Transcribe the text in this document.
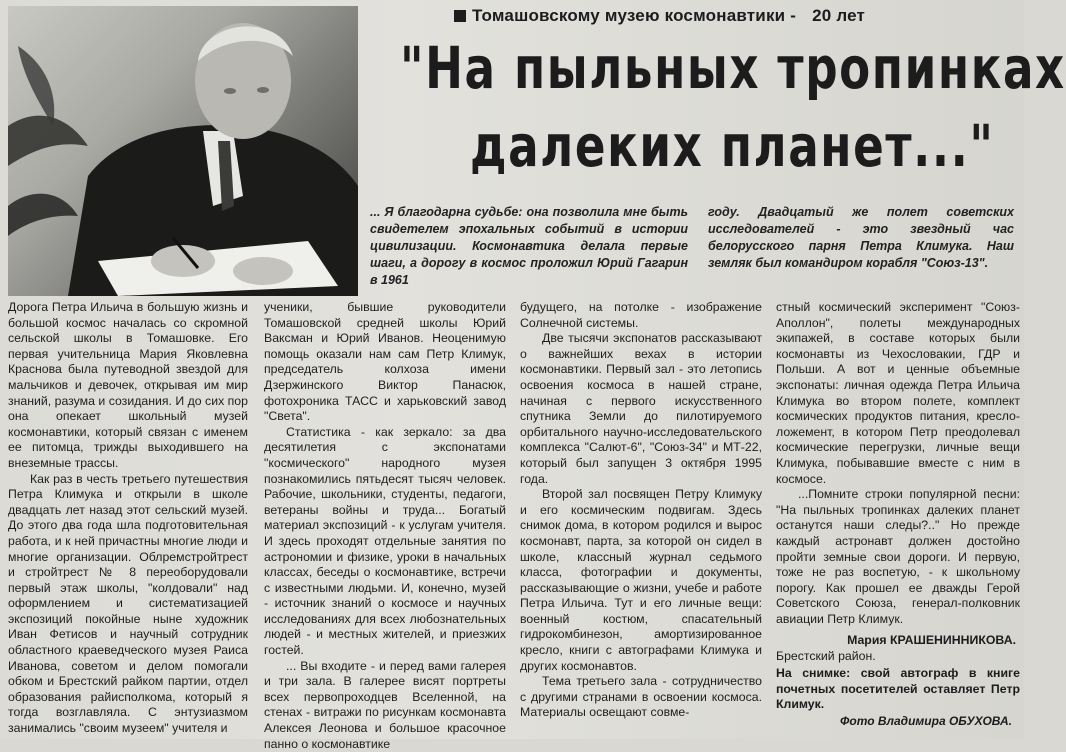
Томашовскому музею космонавтики - 20 лет
"На пыльных тропинках
далеких планет..."
... Я благодарна судьбе: она позволила мне быть свидетелем эпохальных событий в истории цивилизации. Космонавтика делала первые шаги, а дорогу в космос проложил Юрий Гагарин в 1961
году. Двадцатый же полет советских исследователей - это звездный час белорусского парня Петра Климука. Наш земляк был командиром корабля "Союз-13".

Дорога Петра Ильича в большую жизнь и большой космос началась со скромной сельской школы в Томашовке. Его первая учительница Мария Яковлевна Краснова была путеводной звездой для мальчиков и девочек, открывая им мир знаний, разума и созидания. И до сих пор она опекает школьный музей космонавтики, который связан с именем ее питомца, трижды выходившего на внеземные трассы.

Как раз в честь третьего путешествия Петра Климука и открыли в школе двадцать лет назад этот сельский музей. До этого два года шла подготовительная работа, и к ней причастны многие люди и многие организации. Облремстройтрест и стройтрест № 8 переоборудовали первый этаж школы, "колдовали" над оформлением и систематизацией экспозиций покойные ныне художник Иван Фетисов и научный сотрудник областного краеведческого музея Раиса Иванова, советом и делом помогали обком и Брестский райком партии, отдел образования райисполкома, который я тогда возглавляла. С энтузиазмом занимались "своим музеем" учителя и

ученики, бывшие руководители Томашовской средней школы Юрий Ваксман и Юрий Иванов. Неоценимую помощь оказали нам сам Петр Климук, председатель колхоза имени Дзержинского Виктор Панасюк, фотохроника ТАСС и харьковский завод "Света".

Статистика - как зеркало: за два десятилетия с экспонатами "космического" народного музея познакомились пятьдесят тысяч человек. Рабочие, школьники, студенты, педагоги, ветераны войны и труда... Богатый материал экспозиций - к услугам учителя. И здесь проходят отдельные занятия по астрономии и физике, уроки в начальных классах, беседы о космонавтике, встречи с известными людьми. И, конечно, музей - источник знаний о космосе и научных исследованиях для всех любознательных людей - и местных жителей, и приезжих гостей.

... Вы входите - и перед вами галерея и три зала. В галерее висят портреты всех первопроходцев Вселенной, на стенах - витражи по рисункам космонавта Алексея Леонова и большое красочное панно о космонавтике

будущего, на потолке - изображение Солнечной системы.

Две тысячи экспонатов рассказывают о важнейших вехах в истории космонавтики. Первый зал - это летопись освоения космоса в нашей стране, начиная с первого искусственного спутника Земли до пилотируемого орбитального научно-исследовательского комплекса "Салют-6", "Союз-34" и МТ-22, который был запущен 3 октября 1995 года.

Второй зал посвящен Петру Климуку и его космическим подвигам. Здесь снимок дома, в котором родился и вырос космонавт, парта, за которой он сидел в школе, классный журнал седьмого класса, фотографии и документы, рассказывающие о жизни, учебе и работе Петра Ильича. Тут и его личные вещи: военный костюм, спасательный гидрокомбинезон, амортизированное кресло, книги с автографами Климука и других космонавтов.

Тема третьего зала - сотрудничество с другими странами в освоении космоса. Материалы освещают совме-

стный космический эксперимент "Союз-Аполлон", полеты международных экипажей, в составе которых были космонавты из Чехословакии, ГДР и Польши. А вот и ценные объемные экспонаты: личная одежда Петра Ильича Климука во втором полете, комплект космических продуктов питания, кресло-ложемент, в котором Петр преодолевал космические перегрузки, личные вещи Климука, побывавшие вместе с ним в космосе.

...Помните строки популярной песни: "На пыльных тропинках далеких планет останутся наши следы?.." Но прежде каждый астронавт должен достойно пройти земные свои дороги. И первую, тоже не раз воспетую, - к школьному порогу. Как прошел ее дважды Герой Советского Союза, генерал-полковник авиации Петр Климук.

Мария КРАШЕНИННИКОВА.
Брестский район.
На снимке: свой автограф в книге почетных посетителей оставляет Петр Климук.
Фото Владимира ОБУХОВА.
